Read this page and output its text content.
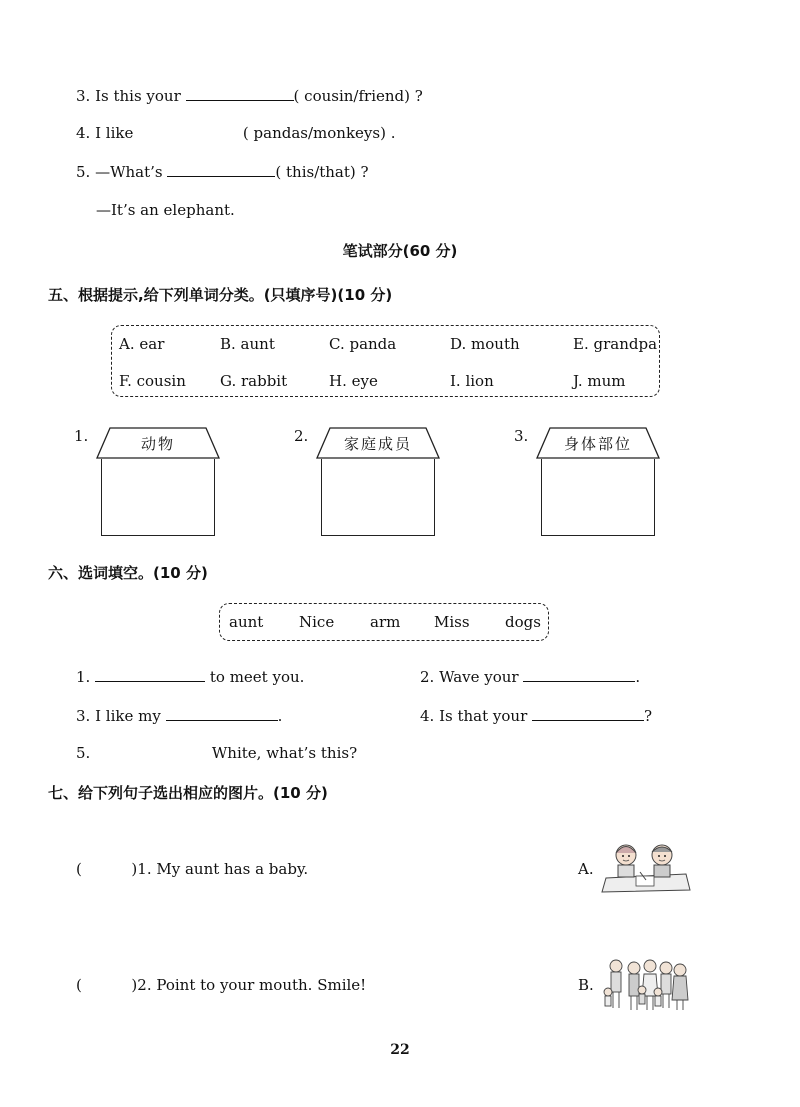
3. Is this your	( cousin/friend) ?
4. I like	( pandas/monkeys) .
5. —What’s	( this/that) ?
—It’s an elephant.
笔试部分(60 分)
五、根据提示,给下列单词分类。(只填序号)(10 分)
A. ear	B. aunt	C. panda	D. mouth	E. grandpa
F. cousin G. rabbit	H. eye	I. lion	J. mum
1.	动物	2.	家庭成员	3.	身体部位
六、选词填空。(10 分)
aunt Nice arm Miss dogs
1.	to meet you.	2. Wave your	.
3. I like my	.	4. Is that your	?
5.	White, what’s this?
七、给下列句子选出相应的图片。(10 分)
(	)1. My aunt has a baby.	A.
(	)2. Point to your mouth. Smile!	B.
22
